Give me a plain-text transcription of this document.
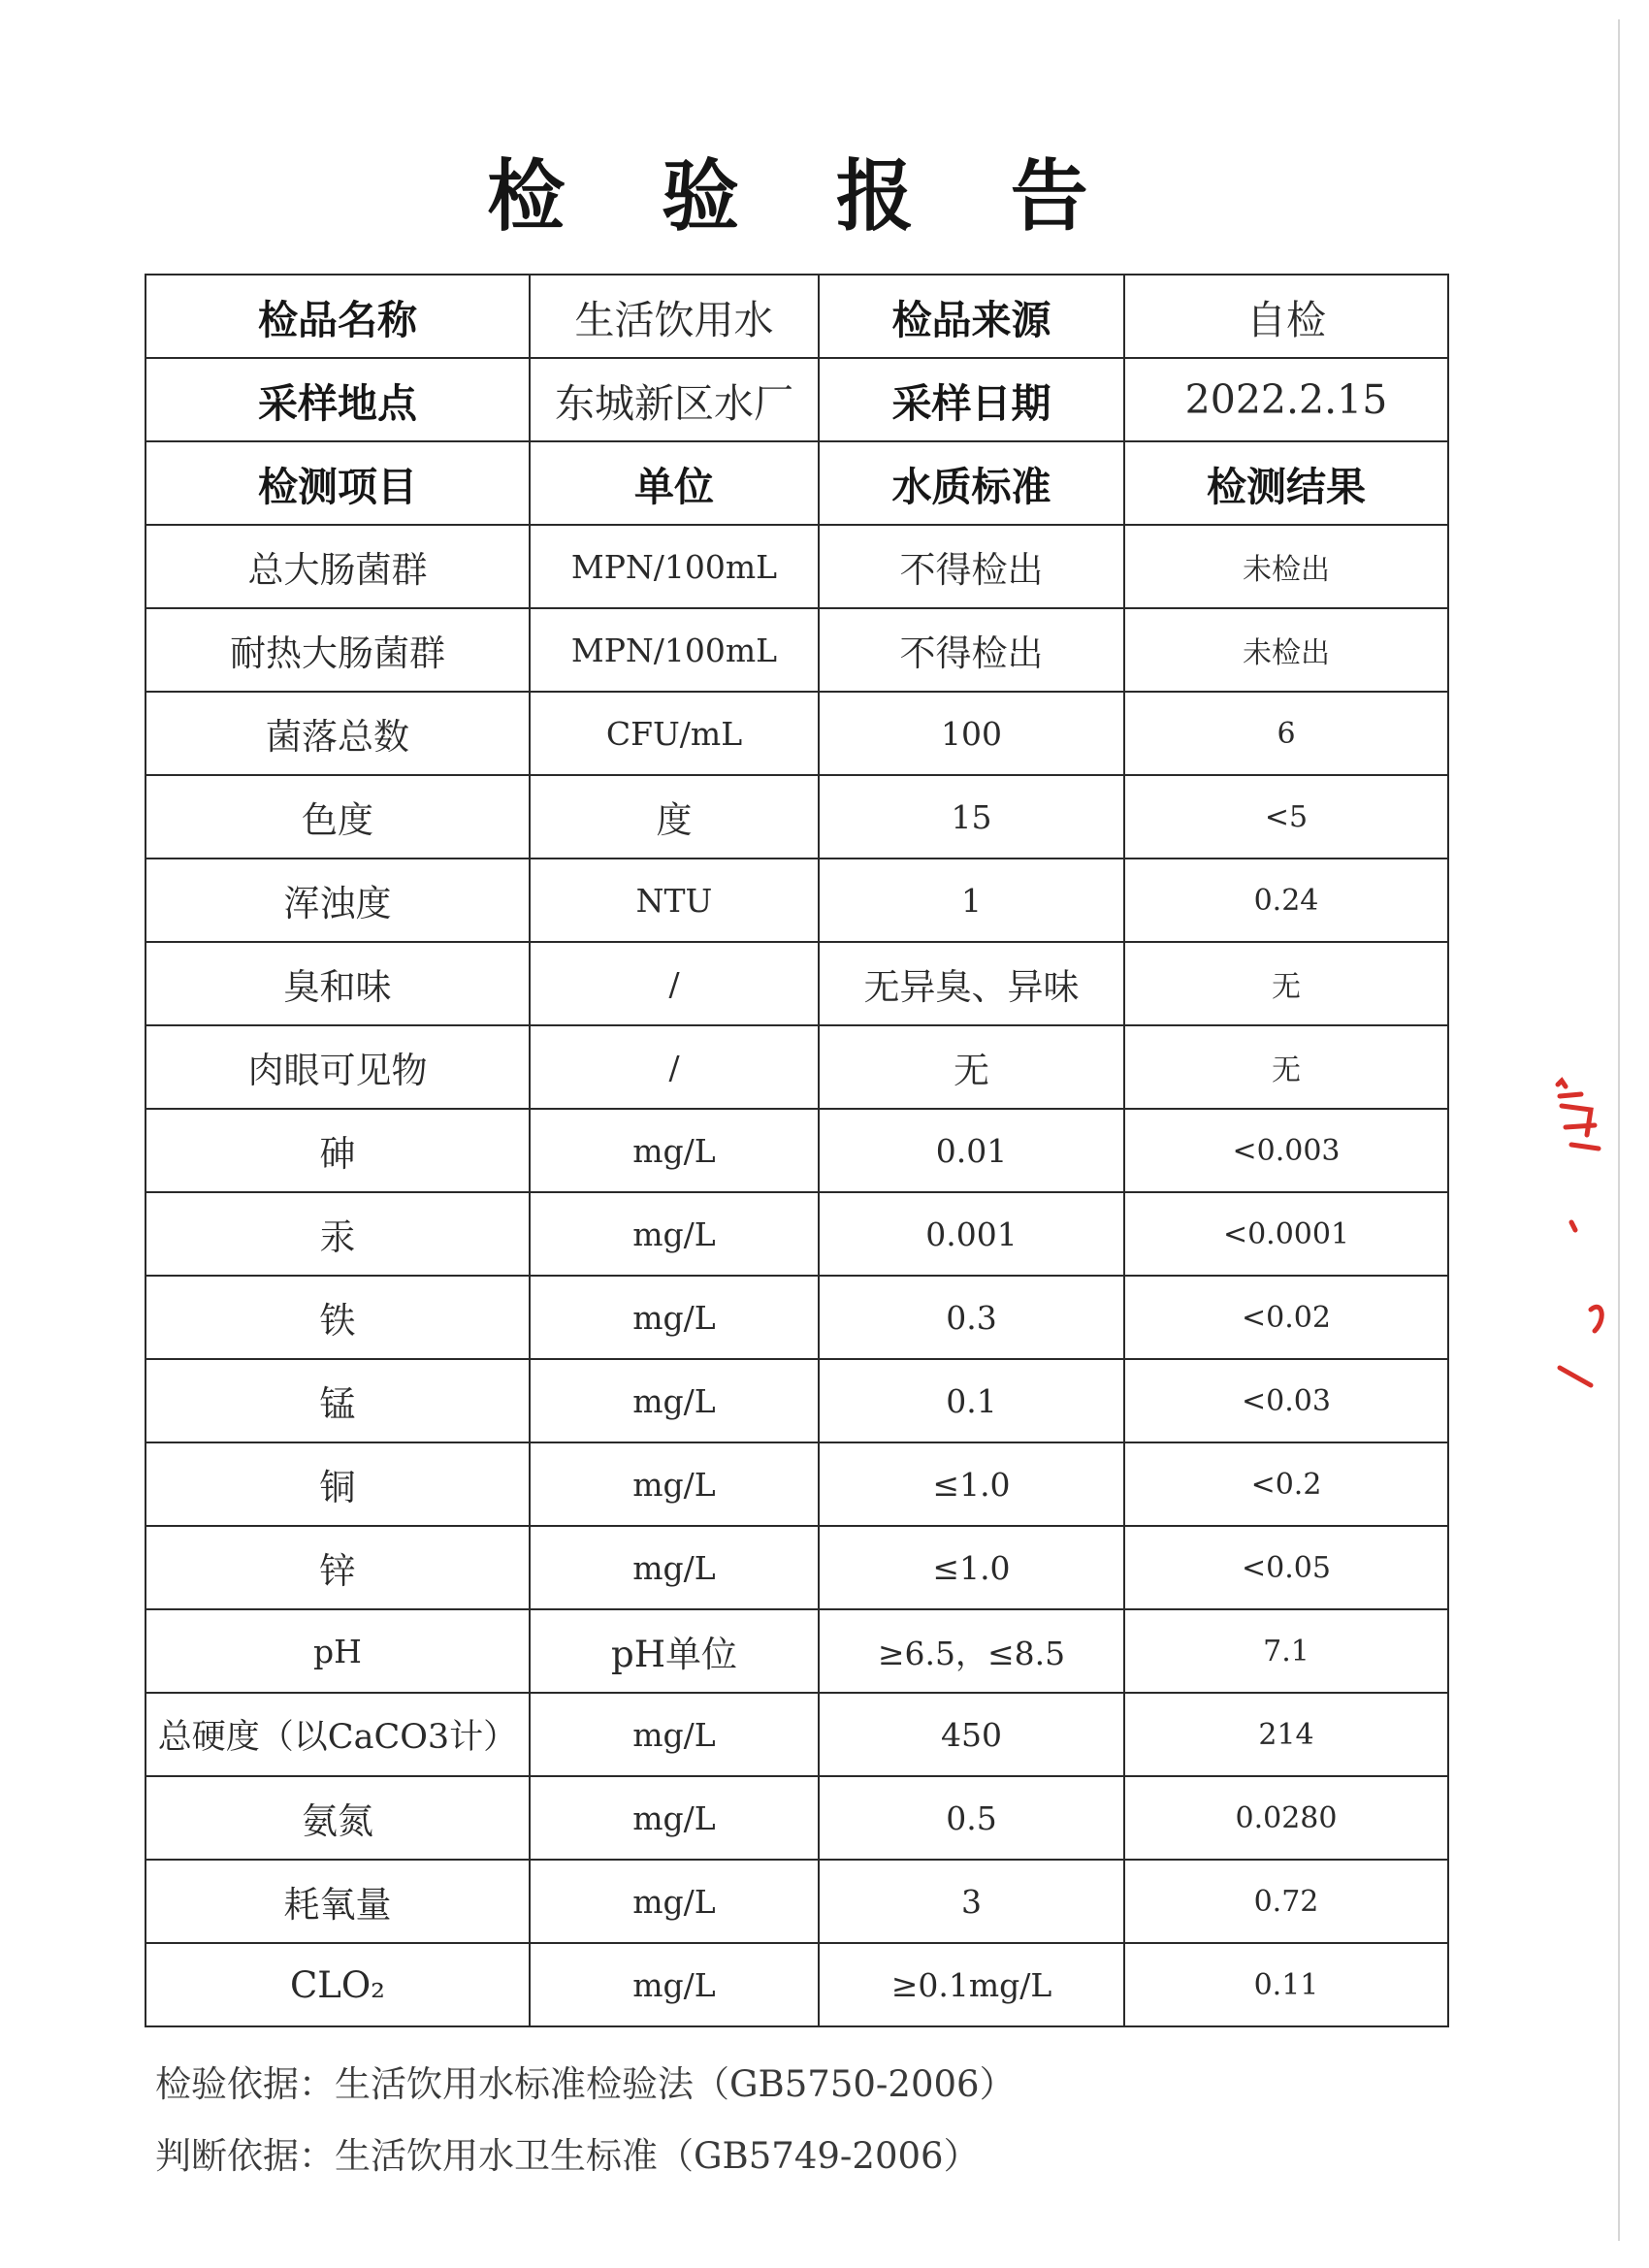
检 验 报 告
检品名称	生活饮用水	检品来源	自检
采样地点	东城新区水厂	采样日期	2022.2.15
检测项目	单位	水质标准	检测结果
总大肠菌群	MPN/100mL	不得检出	未检出
耐热大肠菌群	MPN/100mL	不得检出	未检出
菌落总数	CFU/mL	100	6
色度	度	15	<5
浑浊度	NTU	1	0.24
臭和味	/	无异臭、异味	无
肉眼可见物	/	无	无
砷	mg/L	0.01	<0.003
汞	mg/L	0.001	<0.0001
铁	mg/L	0.3	<0.02
锰	mg/L	0.1	<0.03
铜	mg/L	≤1.0	<0.2
锌	mg/L	≤1.0	<0.05
pH	pH单位	≥6.5，≤8.5	7.1
总硬度（以CaCO3计）	mg/L	450	214
氨氮	mg/L	0.5	0.0280
耗氧量	mg/L	3	0.72
CLO₂	mg/L	≥0.1mg/L	0.11
检验依据：生活饮用水标准检验法（GB5750-2006）
判断依据：生活饮用水卫生标准（GB5749-2006）
